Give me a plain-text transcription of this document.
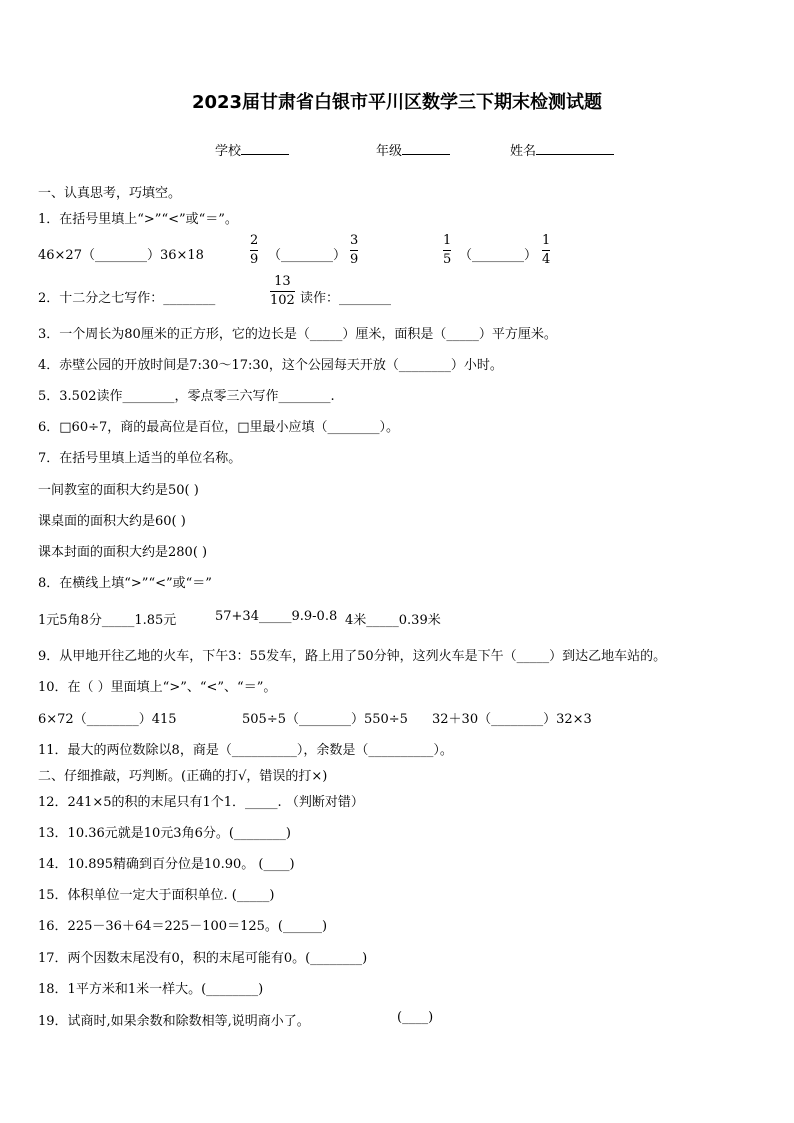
2023届甘肃省白银市平川区数学三下期末检测试题
学校	年级	姓名
一、认真思考，巧填空。
1．在括号里填上“>”“<”或“＝”。
46×27（________）36×18
2
9 （________）
3
9
1
5 （________）
1
4
2．十二分之七写作：________
13
102 读作：________
3．一个周长为80厘米的正方形，它的边长是（_____）厘米，面积是（_____）平方厘米。
4．赤壁公园的开放时间是7:30～17:30，这个公园每天开放（________）小时。
5．3.502读作________，零点零三六写作________.
6．□60÷7，商的最高位是百位，□里最小应填（________）。
7．在括号里填上适当的单位名称。
一间教室的面积大约是50( )
课桌面的面积大约是60( )
课本封面的面积大约是280( )
8．在横线上填“>”“<”或“＝”
1元5角8分_____1.85元	57+34_____9.9-0.8 4米_____0.39米
9．从甲地开往乙地的火车，下午3：55发车，路上用了50分钟，这列火车是下午（_____）到达乙地车站的。
10．在（ ）里面填上“>”、“<”、“＝”。
6×72（________）415	505÷5（________）550÷5 32＋30（________）32×3
11．最大的两位数除以8，商是（__________），余数是（__________）。
二、仔细推敲，巧判断。(正确的打√，错误的打×)
12．241×5的积的末尾只有1个1．_____. （判断对错）
13．10.36元就是10元3角6分。(________)
14．10.895精确到百分位是10.90。 (____)
15．体积单位一定大于面积单位. (_____)
16．225－36＋64＝225－100＝125。(______)
17．两个因数末尾没有0，积的末尾可能有0。(________)
18．1平方米和1米一样大。(________)
19．试商时,如果余数和除数相等,说明商小了。	(____)
